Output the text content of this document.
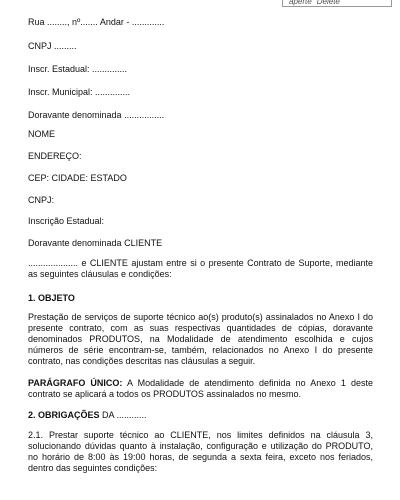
aperte "Delete"
Rua ........, nº....... Andar - .............
CNPJ .........
Inscr. Estadual: ..............
Inscr. Municipal: ..............
Doravante denominada ................
NOME
ENDEREÇO:
CEP: CIDADE: ESTADO
CNPJ:
Inscrição Estadual:
Doravante denominada CLIENTE
.................... e CLIENTE ajustam entre si o presente Contrato de Suporte, mediante as seguintes cláusulas e condições:
1. OBJETO
Prestação de serviços de suporte técnico ao(s) produto(s) assinalados no Anexo I do presente contrato, com as suas respectivas quantidades de cópias, doravante denominados PRODUTOS, na Modalidade de atendimento escolhida e cujos números de série encontram-se, também, relacionados no Anexo I do presente contrato, nas condições descritas nas cláusulas a seguir.
PARÁGRAFO ÚNICO: A Modalidade de atendimento definida no Anexo 1 deste contrato se aplicará a todos os PRODUTOS assinalados no mesmo.
2. OBRIGAÇÕES DA ............
2.1. Prestar suporte técnico ao CLIENTE, nos limites definidos na cláusula 3, solucionando dúvidas quanto à instalação, configuração e utilização do PRODUTO, no horário de 8:00 às 19:00 horas, de segunda a sexta feira, exceto nos feriados, dentro das seguintes condições:
